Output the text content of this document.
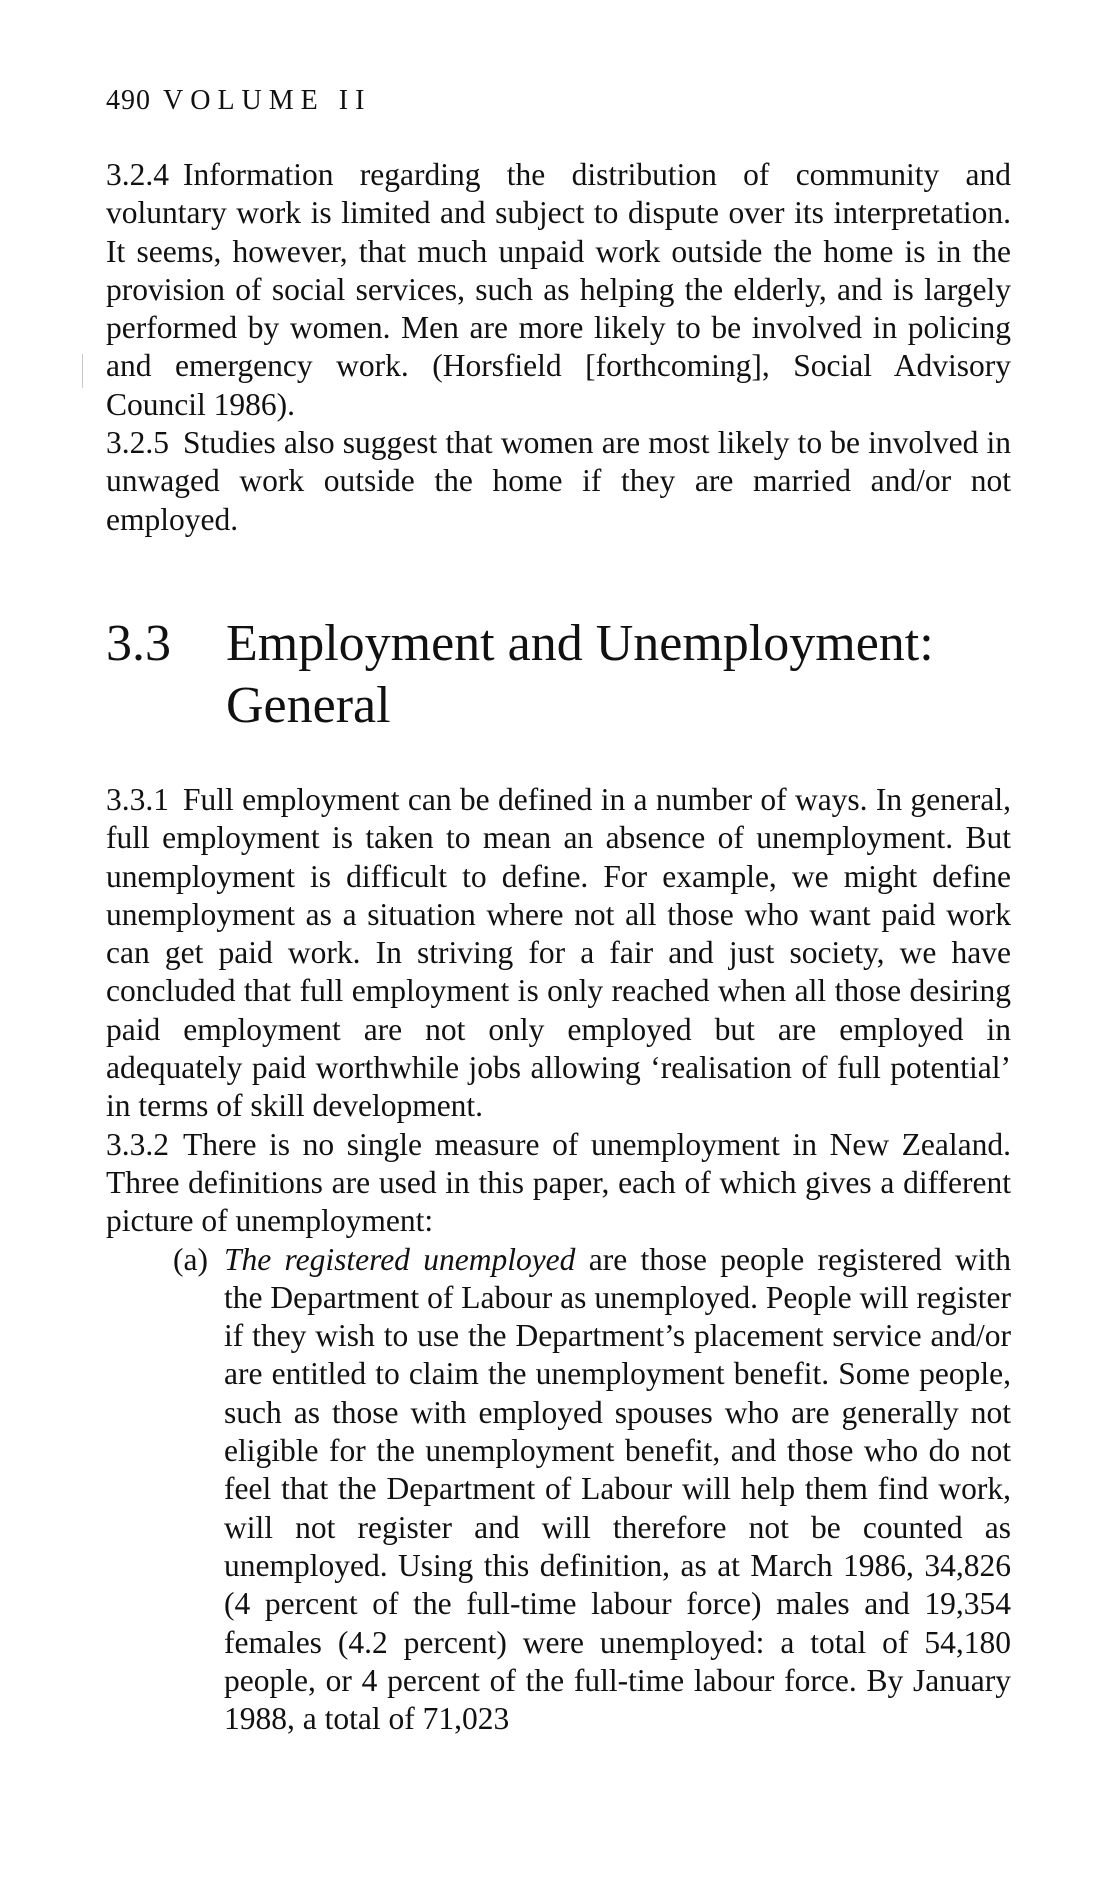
490 VOLUME II

3.2.4 Information regarding the distribution of community and voluntary work is limited and subject to dispute over its interpretation. It seems, however, that much unpaid work outside the home is in the provision of social services, such as helping the elderly, and is largely performed by women. Men are more likely to be involved in policing and emergency work. (Horsfield [forthcoming], Social Advisory Council 1986).

3.2.5 Studies also suggest that women are most likely to be involved in unwaged work outside the home if they are married and/or not employed.

3.3	Employment and Unemployment: General

3.3.1 Full employment can be defined in a number of ways. In general, full employment is taken to mean an absence of unemployment. But unemployment is difficult to define. For example, we might define unemployment as a situation where not all those who want paid work can get paid work. In striving for a fair and just society, we have concluded that full employment is only reached when all those desiring paid employment are not only employed but are employed in adequately paid worthwhile jobs allowing ‘realisation of full potential’ in terms of skill development.

3.3.2 There is no single measure of unemployment in New Zealand. Three definitions are used in this paper, each of which gives a different picture of unemployment:

(a) The registered unemployed are those people registered with the Department of Labour as unemployed. People will register if they wish to use the Department’s placement service and/or are entitled to claim the unemployment benefit. Some people, such as those with employed spouses who are generally not eligible for the unemployment benefit, and those who do not feel that the Department of Labour will help them find work, will not register and will therefore not be counted as unemployed. Using this definition, as at March 1986, 34,826 (4 percent of the full-time labour force) males and 19,354 females (4.2 percent) were unemployed: a total of 54,180 people, or 4 percent of the full-time labour force. By January 1988, a total of 71,023
